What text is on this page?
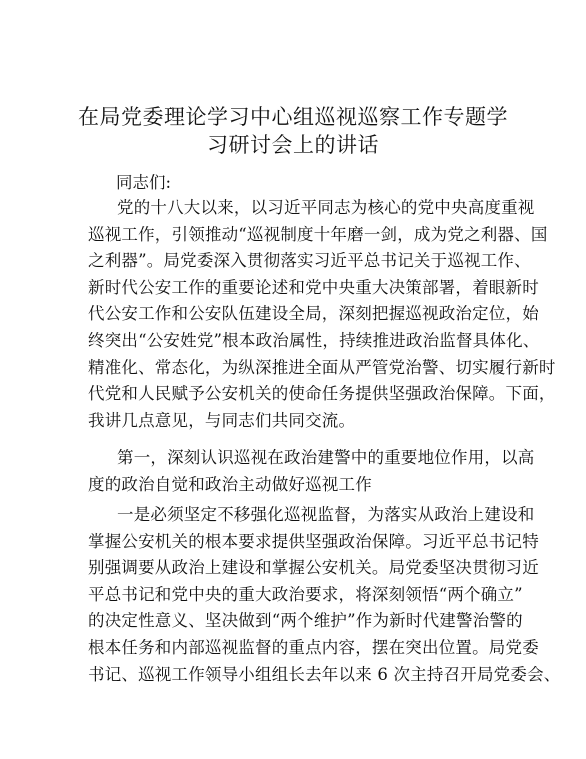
在局党委理论学习中心组巡视巡察工作专题学
习研讨会上的讲话
同志们:
党的十八大以来，以习近平同志为核心的党中央高度重视
巡视工作，引领推动“巡视制度十年磨一剑，成为党之利器、国
之利器”。局党委深入贯彻落实习近平总书记关于巡视工作、
新时代公安工作的重要论述和党中央重大决策部署，着眼新时
代公安工作和公安队伍建设全局，深刻把握巡视政治定位，始
终突出“公安姓党”根本政治属性，持续推进政治监督具体化、
精准化、常态化，为纵深推进全面从严管党治警、切实履行新时
代党和人民赋予公安机关的使命任务提供坚强政治保障。下面，
我讲几点意见，与同志们共同交流。
第一，深刻认识巡视在政治建警中的重要地位作用，以高
度的政治自觉和政治主动做好巡视工作
一是必须坚定不移强化巡视监督，为落实从政治上建设和
掌握公安机关的根本要求提供坚强政治保障。习近平总书记特
别强调要从政治上建设和掌握公安机关。局党委坚决贯彻习近
平总书记和党中央的重大政治要求，将深刻领悟“两个确立”
的决定性意义、坚决做到“两个维护”作为新时代建警治警的
根本任务和内部巡视监督的重点内容，摆在突出位置。局党委
书记、巡视工作领导小组组长去年以来 6 次主持召开局党委会、
